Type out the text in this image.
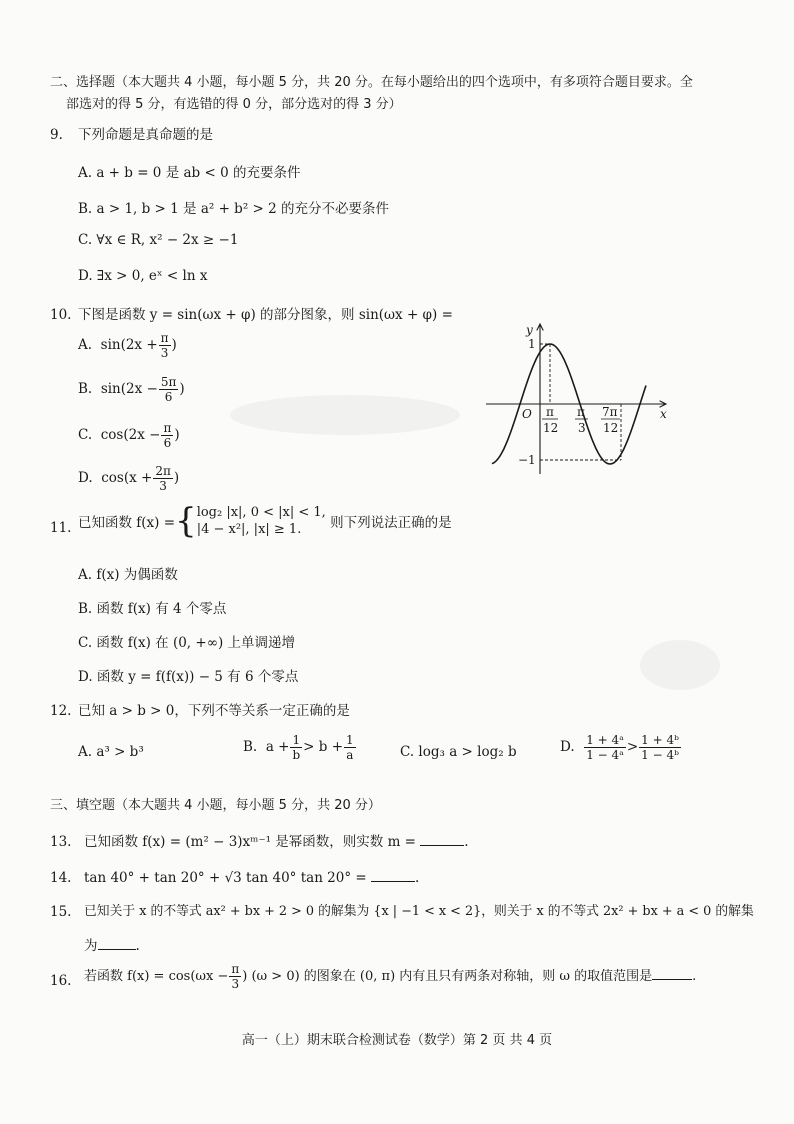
二、选择题（本大题共 4 小题，每小题 5 分，共 20 分。在每小题给出的四个选项中，有多项符合题目要求。全
部选对的得 5 分，有选错的得 0 分，部分选对的得 3 分）
9. 下列命题是真命题的是
A. a + b = 0 是 ab < 0 的充要条件
B. a > 1, b > 1 是 a² + b² > 2 的充分不必要条件
C. ∀x ∈ R, x² − 2x ≥ −1
D. ∃x > 0, eˣ < ln x
10. 下图是函数 y = sin(ωx + φ) 的部分图象，则 sin(ωx + φ) =
A. $\sin(2x + \frac{\pi}{3}$ )
B. $\sin(2x - \frac{5\pi}{6}$ )
C. $\cos(2x - \frac{\pi}{6}$ )
D. $\cos(x + \frac{2\pi}{3}$ )
y
x
O
1
−1
π
12
π
3
7π
12
11. 已知函数 f(x) ={log₂ |x|, 0 < |x| < 1,
|4 − x²|, |x| ≥ 1. 则下列说法正确的是
A. f(x) 为偶函数
B. 函数 f(x) 有 4 个零点
C. 函数 f(x) 在 (0, +∞) 上单调递增
D. 函数 y = f(f(x)) − 5 有 6 个零点
12. 已知 a > b > 0，下列不等关系一定正确的是
A. a³ > b³	B. $a + \frac{1}{b} > b + \frac{1}{a}$	C. log₃ a > log₂ b	D. $\frac{\text{1 + 4ᵃ}}{\text{1 − 4ᵃ}} > \frac{\text{1 + 4ᵇ}}{\text{1 − 4ᵇ}}$
三、填空题（本大题共 4 小题，每小题 5 分，共 20 分）
13. 已知函数 f(x) = (m² − 3)xᵐ⁻¹ 是幂函数，则实数 m =	.
14. tan 40° + tan 20° + √3 tan 40° tan 20° =	.
15. 已知关于 x 的不等式 ax² + bx + 2 > 0 的解集为 {x | −1 < x < 2}，则关于 x 的不等式 2x² + bx + a < 0 的解集
为	.
16. 若函数 $f(x) = \cos(\omega x - \frac{\pi}{3}$ ) (ω > 0) 的图象在 (0, π) 内有且只有两条对称轴，则 ω 的取值范围是	.
高一（上）期末联合检测试卷（数学）第 2 页 共 4 页
